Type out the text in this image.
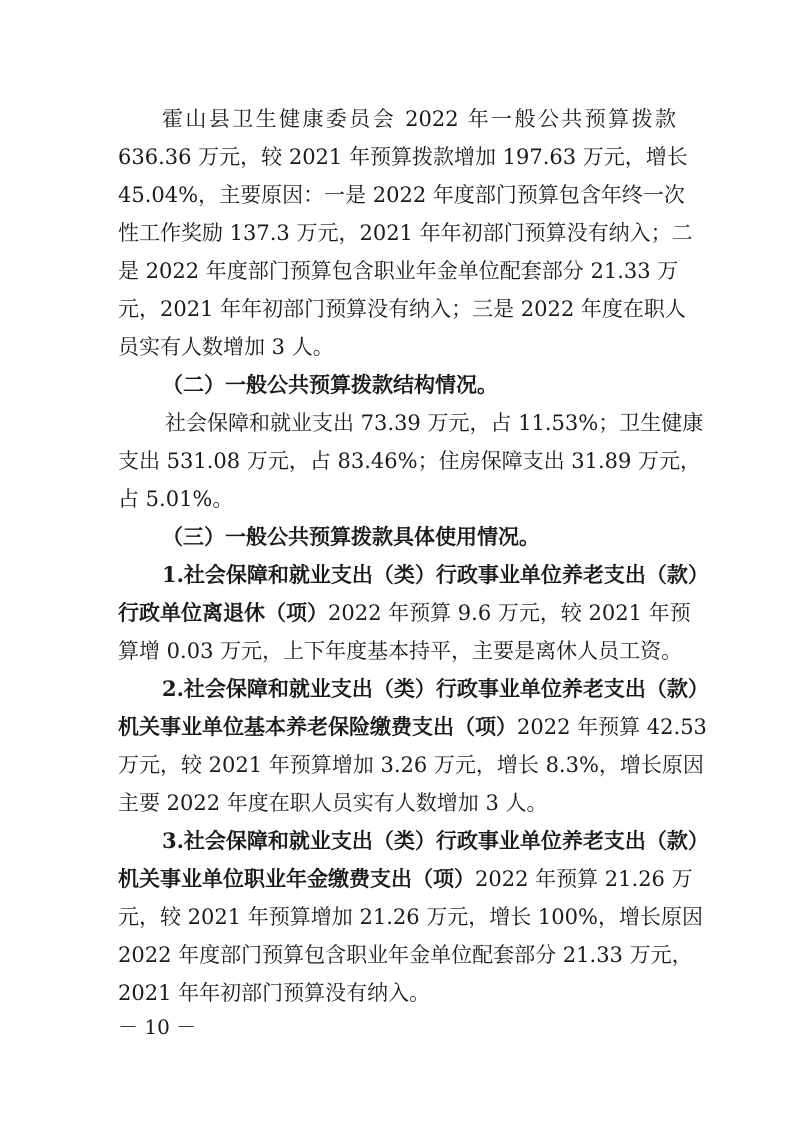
霍山县卫生健康委员会 2022 年一般公共预算拨款
636.36 万元，较 2021 年预算拨款增加 197.63 万元，增长
45.04%，主要原因：一是 2022 年度部门预算包含年终一次
性工作奖励 137.3 万元，2021 年年初部门预算没有纳入；二
是 2022 年度部门预算包含职业年金单位配套部分 21.33 万
元，2021 年年初部门预算没有纳入；三是 2022 年度在职人
员实有人数增加 3 人。
（二）一般公共预算拨款结构情况。
社会保障和就业支出 73.39 万元，占 11.53%；卫生健康
支出 531.08 万元，占 83.46%；住房保障支出 31.89 万元，
占 5.01%。
（三）一般公共预算拨款具体使用情况。
1.社会保障和就业支出（类）行政事业单位养老支出（款）
行政单位离退休（项）2022 年预算 9.6 万元，较 2021 年预
算增 0.03 万元，上下年度基本持平，主要是离休人员工资。
2.社会保障和就业支出（类）行政事业单位养老支出（款）
机关事业单位基本养老保险缴费支出（项）2022 年预算 42.53
万元，较 2021 年预算增加 3.26 万元，增长 8.3%，增长原因
主要 2022 年度在职人员实有人数增加 3 人。
3.社会保障和就业支出（类）行政事业单位养老支出（款）
机关事业单位职业年金缴费支出（项）2022 年预算 21.26 万
元，较 2021 年预算增加 21.26 万元，增长 100%，增长原因
2022 年度部门预算包含职业年金单位配套部分 21.33 万元，
2021 年年初部门预算没有纳入。
－ 10 －
